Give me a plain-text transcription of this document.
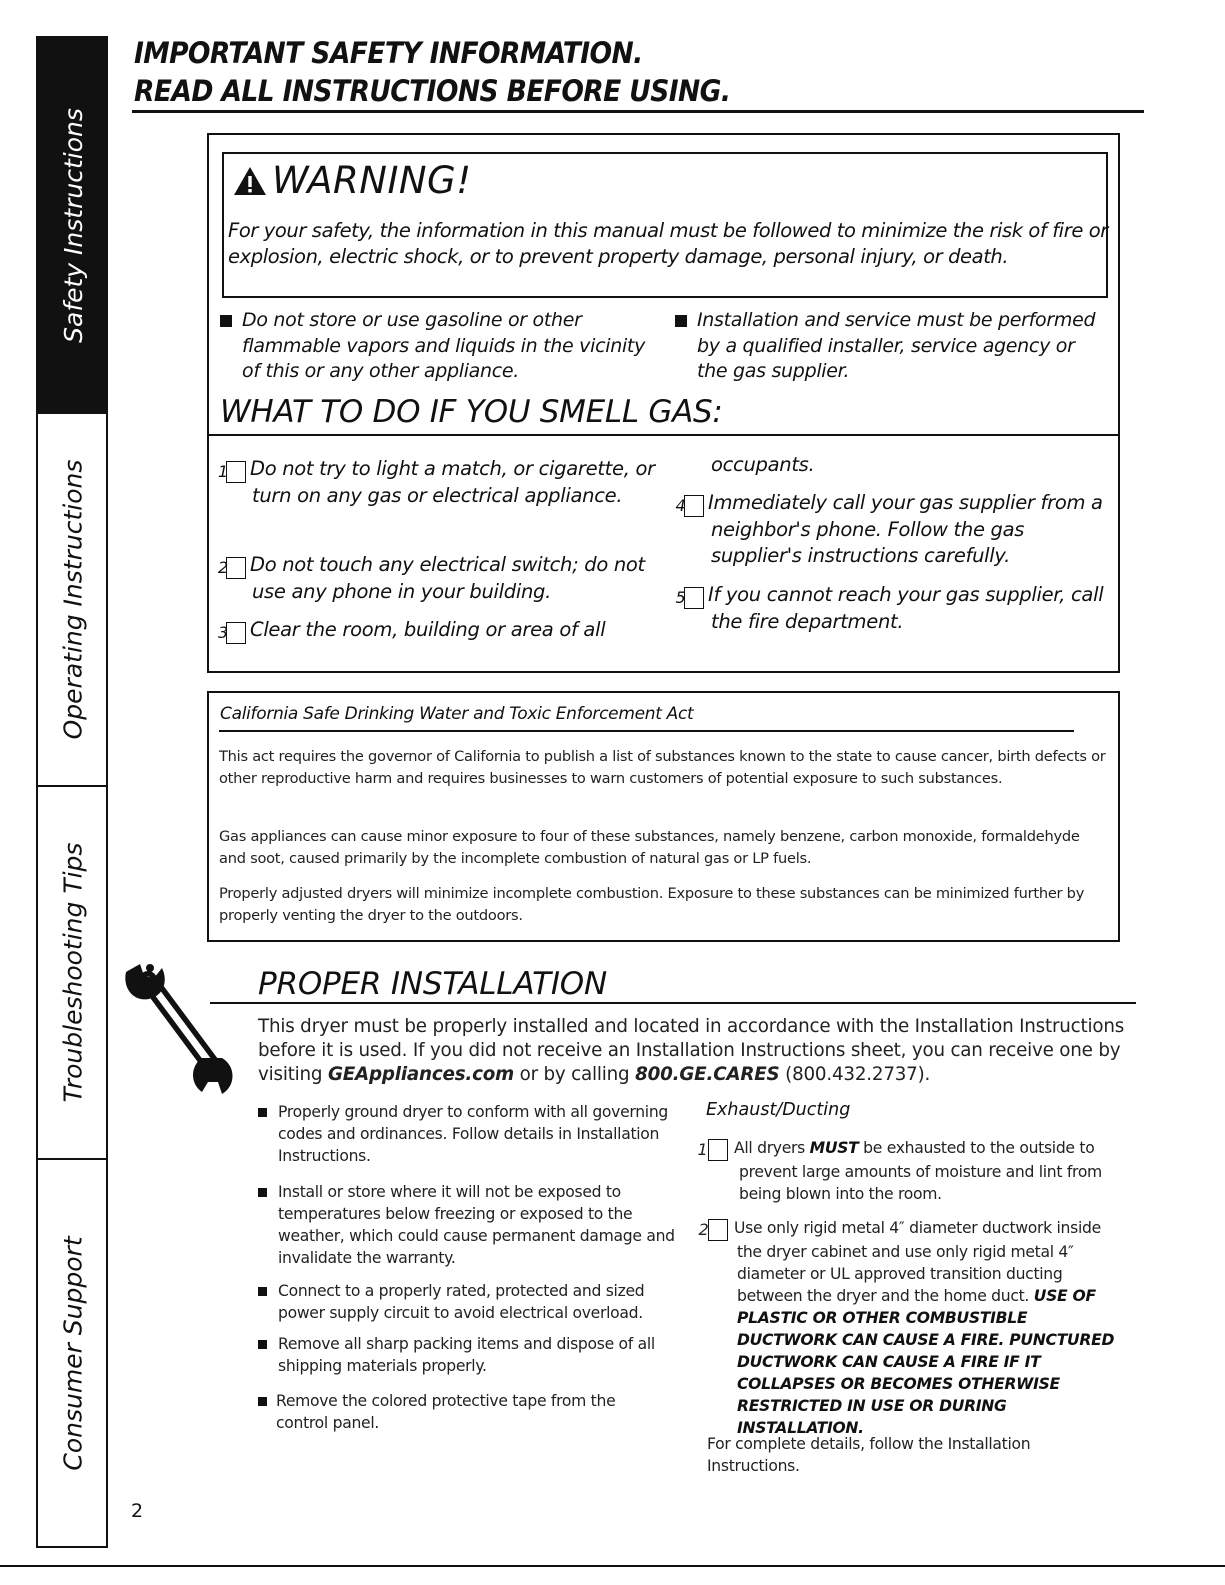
Safety Instructions
Operating Instructions
Troubleshooting Tips
Consumer Support
IMPORTANT SAFETY INFORMATION.
READ ALL INSTRUCTIONS BEFORE USING.
WARNING!
For your safety, the information in this manual must be followed to minimize the risk of fire or explosion, electric shock, or to prevent property damage, personal injury, or death.
Do not store or use gasoline or other flammable vapors and liquids in the vicinity of this or any other appliance.
Installation and service must be performed by a qualified installer, service agency or the gas supplier.
WHAT TO DO IF YOU SMELL GAS:
1 Do not try to light a match, or cigarette, or turn on any gas or electrical appliance.
2 Do not touch any electrical switch; do not use any phone in your building.
3 Clear the room, building or area of all
occupants.
4 Immediately call your gas supplier from a neighbor's phone. Follow the gas supplier's instructions carefully.
5 If you cannot reach your gas supplier, call the fire department.
California Safe Drinking Water and Toxic Enforcement Act
This act requires the governor of California to publish a list of substances known to the state to cause cancer, birth defects or other reproductive harm and requires businesses to warn customers of potential exposure to such substances.
Gas appliances can cause minor exposure to four of these substances, namely benzene, carbon monoxide, formaldehyde and soot, caused primarily by the incomplete combustion of natural gas or LP fuels.
Properly adjusted dryers will minimize incomplete combustion. Exposure to these substances can be minimized further by properly venting the dryer to the outdoors.
PROPER INSTALLATION
This dryer must be properly installed and located in accordance with the Installation Instructions before it is used. If you did not receive an Installation Instructions sheet, you can receive one by visiting GEAppliances.com or by calling 800.GE.CARES (800.432.2737).
Properly ground dryer to conform with all governing codes and ordinances. Follow details in Installation Instructions.
Install or store where it will not be exposed to temperatures below freezing or exposed to the weather, which could cause permanent damage and invalidate the warranty.
Connect to a properly rated, protected and sized power supply circuit to avoid electrical overload.
Remove all sharp packing items and dispose of all shipping materials properly.
Remove the colored protective tape from the control panel.
Exhaust/Ducting
1 All dryers MUST be exhausted to the outside to prevent large amounts of moisture and lint from being blown into the room.
2 Use only rigid metal 4″ diameter ductwork inside the dryer cabinet and use only rigid metal 4″ diameter or UL approved transition ducting between the dryer and the home duct. USE OF PLASTIC OR OTHER COMBUSTIBLE DUCTWORK CAN CAUSE A FIRE. PUNCTURED DUCTWORK CAN CAUSE A FIRE IF IT COLLAPSES OR BECOMES OTHERWISE RESTRICTED IN USE OR DURING INSTALLATION.
For complete details, follow the Installation Instructions.
2
